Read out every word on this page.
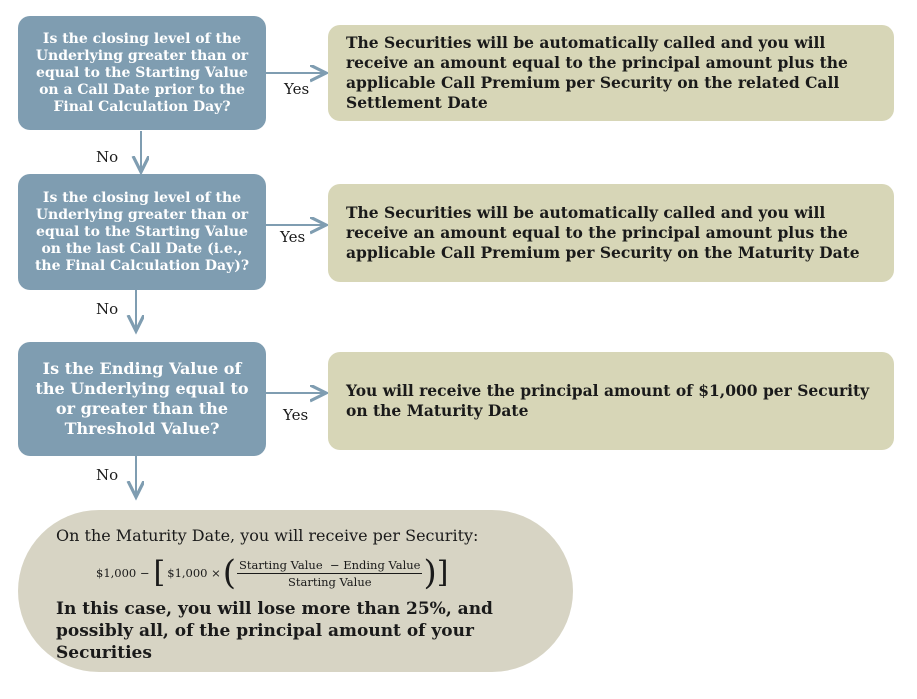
Is the closing level of the Underlying greater than or equal to the Starting Value on a Call Date prior to the Final Calculation Day?
Is the closing level of the Underlying greater than or equal to the Starting Value on the last Call Date (i.e., the Final Calculation Day)?
Is the Ending Value of the Underlying equal to or greater than the Threshold Value?
The Securities will be automatically called and you will receive an amount equal to the principal amount plus the applicable Call Premium per Security on the related Call Settlement Date
The Securities will be automatically called and you will receive an amount equal to the principal amount plus the applicable Call Premium per Security on the Maturity Date
You will receive the principal amount of $1,000 per Security on the Maturity Date
Yes
Yes
Yes
No
No
No
On the Maturity Date, you will receive per Security:
$1,000 − [ $1,000 × ( $\frac{\text{Starting Value  − Ending Value}}{\text{Starting Value}}$ ) ]
In this case, you will lose more than 25%, and possibly all, of the principal amount of your Securities
